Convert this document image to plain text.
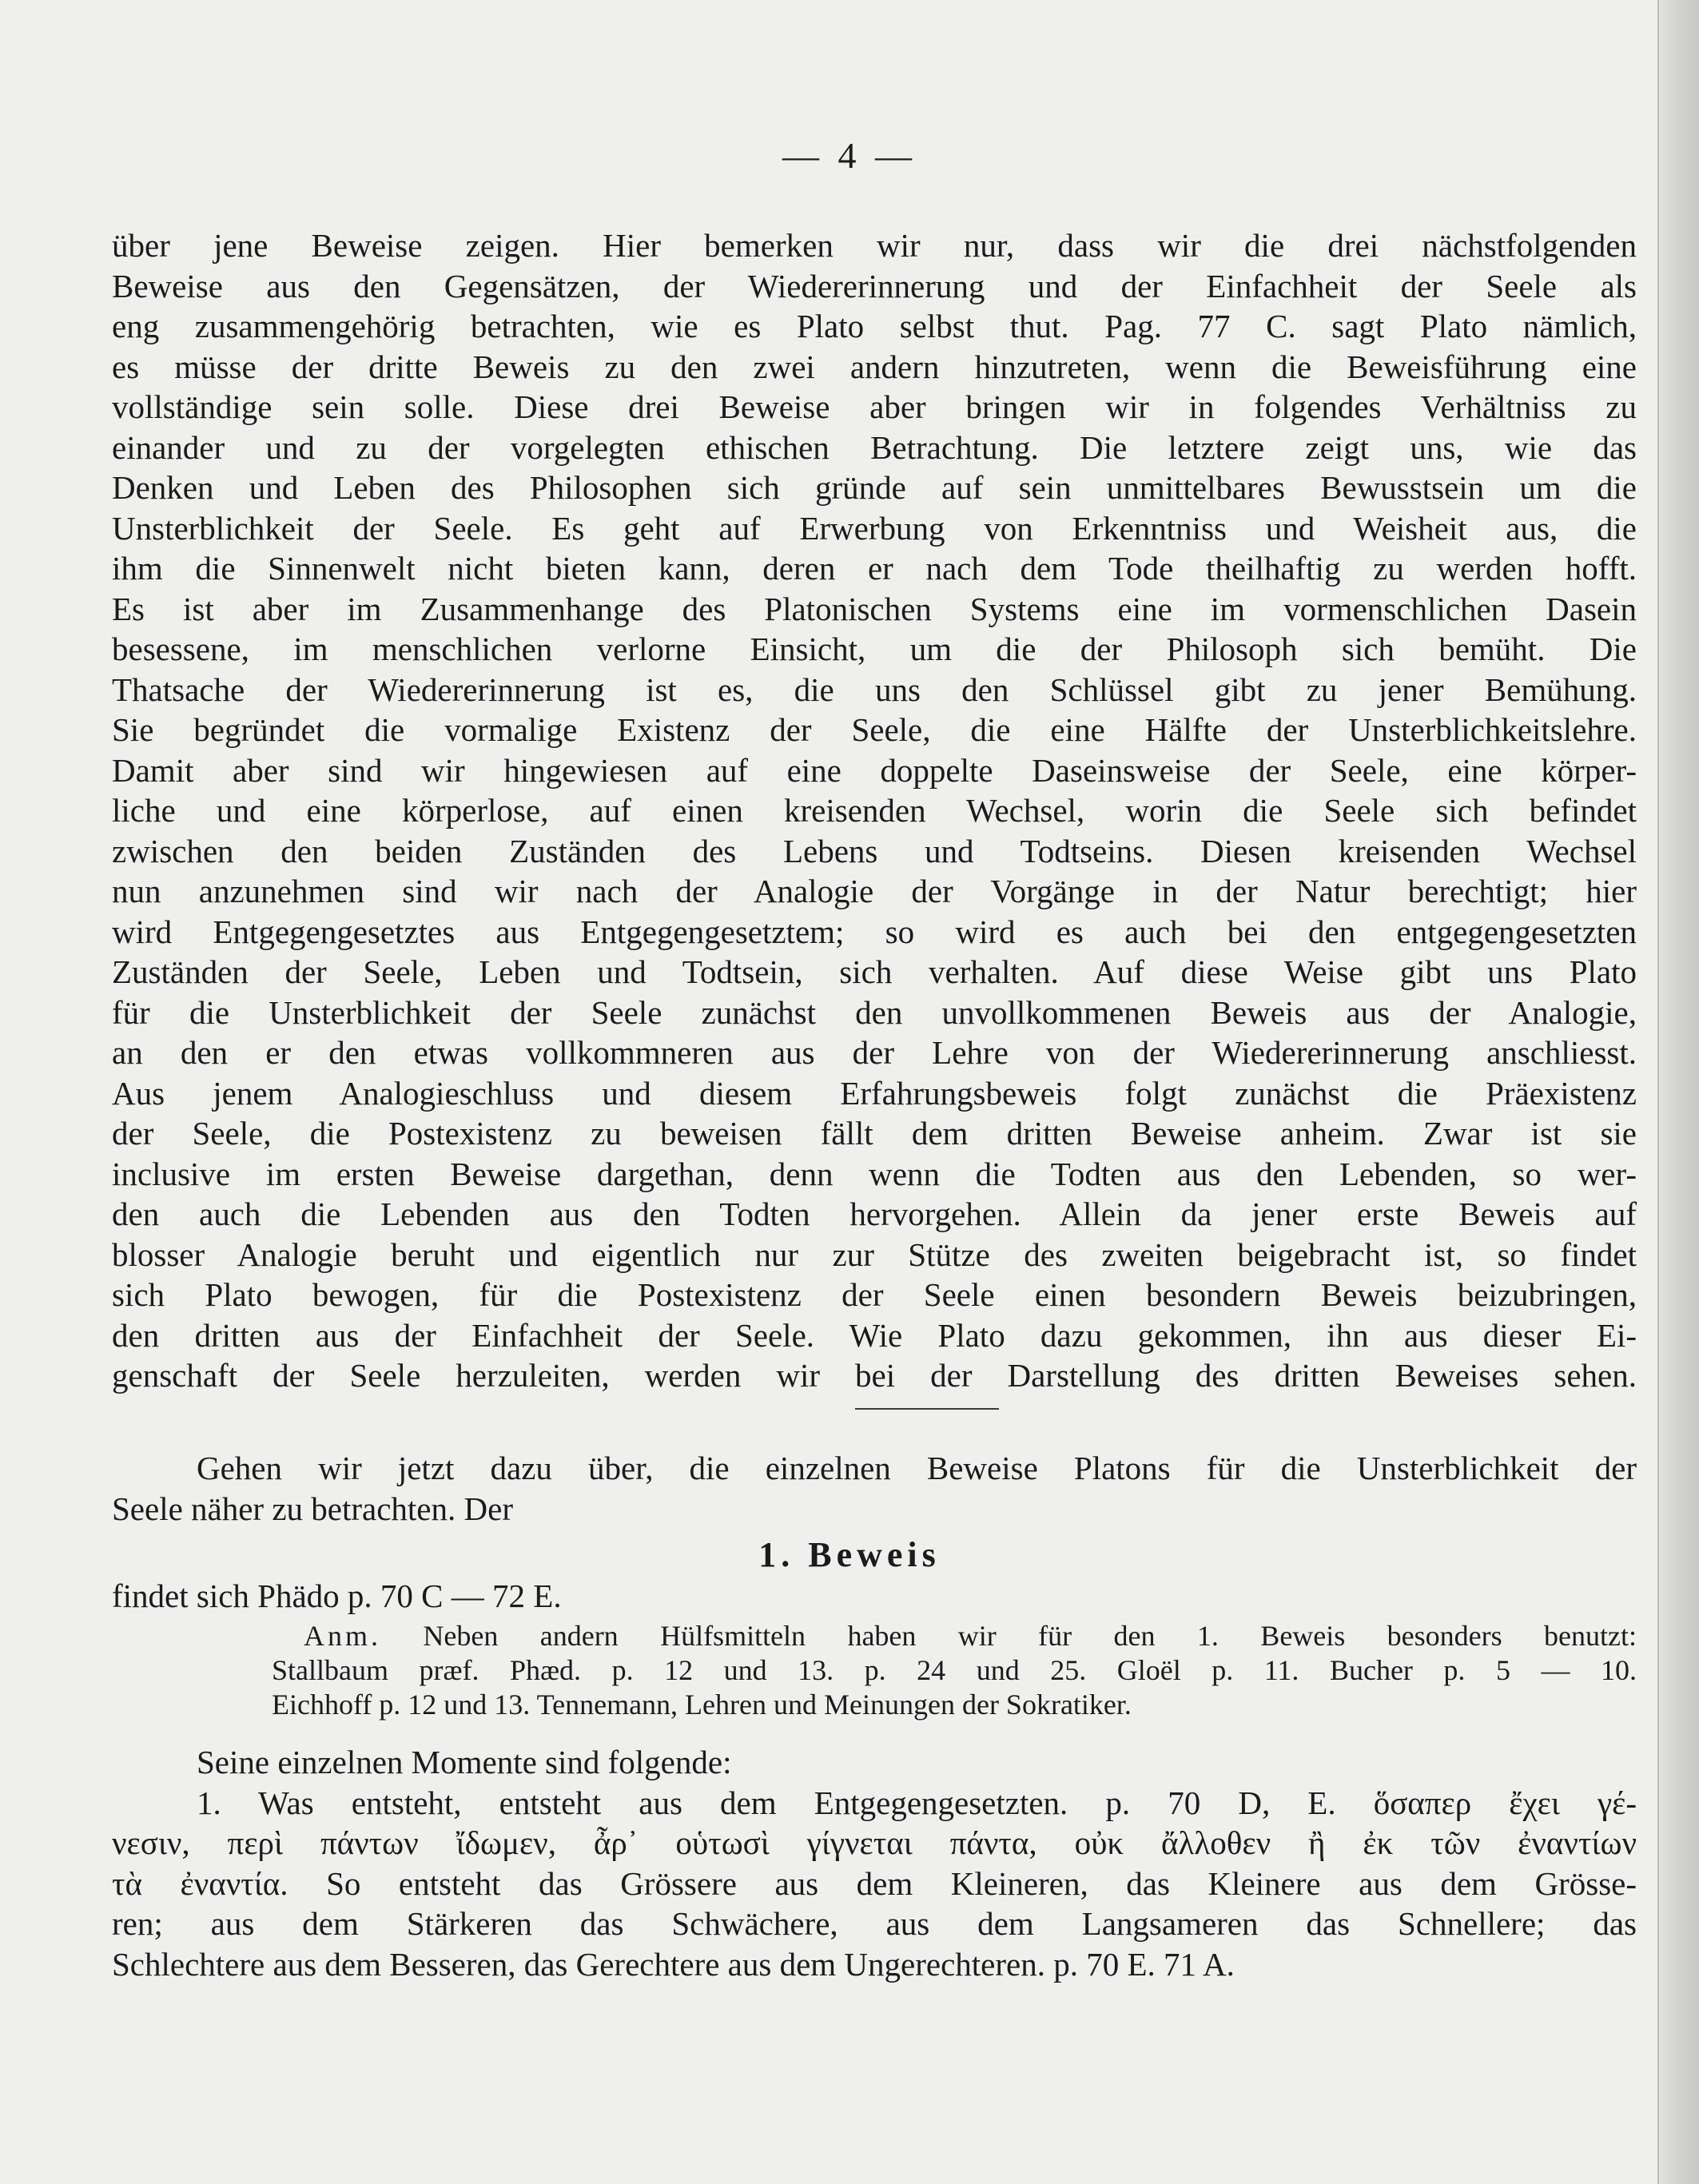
— 4 —
über jene Beweise zeigen. Hier bemerken wir nur, dass wir die drei nächstfolgenden
Beweise aus den Gegensätzen, der Wiedererinnerung und der Einfachheit der Seele als
eng zusammengehörig betrachten, wie es Plato selbst thut. Pag. 77 C. sagt Plato nämlich,
es müsse der dritte Beweis zu den zwei andern hinzutreten, wenn die Beweisführung eine
vollständige sein solle. Diese drei Beweise aber bringen wir in folgendes Verhältniss zu
einander und zu der vorgelegten ethischen Betrachtung. Die letztere zeigt uns, wie das
Denken und Leben des Philosophen sich gründe auf sein unmittelbares Bewusstsein um die
Unsterblichkeit der Seele. Es geht auf Erwerbung von Erkenntniss und Weisheit aus, die
ihm die Sinnenwelt nicht bieten kann, deren er nach dem Tode theilhaftig zu werden hofft.
Es ist aber im Zusammenhange des Platonischen Systems eine im vormenschlichen Dasein
besessene, im menschlichen verlorne Einsicht, um die der Philosoph sich bemüht. Die
Thatsache der Wiedererinnerung ist es, die uns den Schlüssel gibt zu jener Bemühung.
Sie begründet die vormalige Existenz der Seele, die eine Hälfte der Unsterblichkeitslehre.
Damit aber sind wir hingewiesen auf eine doppelte Daseinsweise der Seele, eine körper-
liche und eine körperlose, auf einen kreisenden Wechsel, worin die Seele sich befindet
zwischen den beiden Zuständen des Lebens und Todtseins. Diesen kreisenden Wechsel
nun anzunehmen sind wir nach der Analogie der Vorgänge in der Natur berechtigt; hier
wird Entgegengesetztes aus Entgegengesetztem; so wird es auch bei den entgegengesetzten
Zuständen der Seele, Leben und Todtsein, sich verhalten. Auf diese Weise gibt uns Plato
für die Unsterblichkeit der Seele zunächst den unvollkommenen Beweis aus der Analogie,
an den er den etwas vollkommneren aus der Lehre von der Wiedererinnerung anschliesst.
Aus jenem Analogieschluss und diesem Erfahrungsbeweis folgt zunächst die Präexistenz
der Seele, die Postexistenz zu beweisen fällt dem dritten Beweise anheim. Zwar ist sie
inclusive im ersten Beweise dargethan, denn wenn die Todten aus den Lebenden, so wer-
den auch die Lebenden aus den Todten hervorgehen. Allein da jener erste Beweis auf
blosser Analogie beruht und eigentlich nur zur Stütze des zweiten beigebracht ist, so findet
sich Plato bewogen, für die Postexistenz der Seele einen besondern Beweis beizubringen,
den dritten aus der Einfachheit der Seele. Wie Plato dazu gekommen, ihn aus dieser Ei-
genschaft der Seele herzuleiten, werden wir bei der Darstellung des dritten Beweises sehen.
Gehen wir jetzt dazu über, die einzelnen Beweise Platons für die Unsterblichkeit der
Seele näher zu betrachten. Der
1. Beweis
findet sich Phädo p. 70 C — 72 E.
Anm. Neben andern Hülfsmitteln haben wir für den 1. Beweis besonders benutzt:
Stallbaum præf. Phæd. p. 12 und 13. p. 24 und 25. Gloël p. 11. Bucher p. 5 — 10.
Eichhoff p. 12 und 13. Tennemann, Lehren und Meinungen der Sokratiker.
Seine einzelnen Momente sind folgende:
1. Was entsteht, entsteht aus dem Entgegengesetzten. p. 70 D, E. ὅσαπερ ἔχει γέ-
νεσιν, περὶ πάντων ἴδωμεν, ἆρ᾽ οὑτωσὶ γίγνεται πάντα, οὐκ ἄλλοθεν ἢ ἐκ τῶν ἐναντίων
τὰ ἐναντία. So entsteht das Grössere aus dem Kleineren, das Kleinere aus dem Grösse-
ren; aus dem Stärkeren das Schwächere, aus dem Langsameren das Schnellere; das
Schlechtere aus dem Besseren, das Gerechtere aus dem Ungerechteren. p. 70 E. 71 A.
